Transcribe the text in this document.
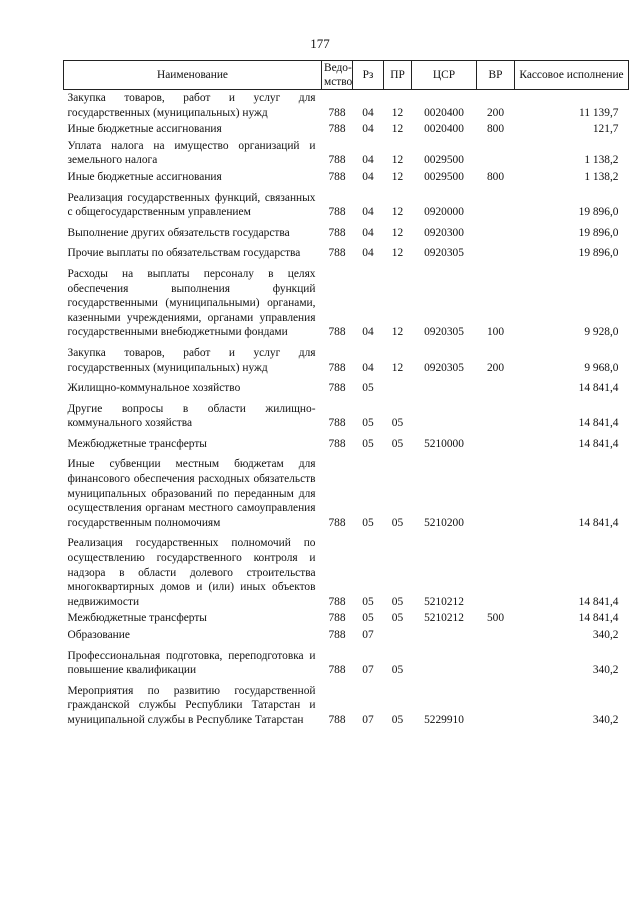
177
Наименование	Ведо-мство	Рз	ПР	ЦСР	ВР	Кассовое исполнение
Закупка товаров, работ и услуг для государственных (муниципальных) нужд	788	04	12	0020400	200	11 139,7
Иные бюджетные ассигнования	788	04	12	0020400	800	121,7
Уплата налога на имущество организаций и земельного налога	788	04	12	0029500		1 138,2
Иные бюджетные ассигнования	788	04	12	0029500	800	1 138,2
Реализация государственных функций, связанных с общегосударственным управлением	788	04	12	0920000		19 896,0
Выполнение других обязательств государства	788	04	12	0920300		19 896,0
Прочие выплаты по обязательствам государства	788	04	12	0920305		19 896,0
Расходы на выплаты персоналу в целях обеспечения выполнения функций государственными (муниципальными) органами, казенными учреждениями, органами управления государственными внебюджетными фондами	788	04	12	0920305	100	9 928,0
Закупка товаров, работ и услуг для государственных (муниципальных) нужд	788	04	12	0920305	200	9 968,0
Жилищно-коммунальное хозяйство	788	05				14 841,4
Другие вопросы в области жилищно-коммунального хозяйства	788	05	05			14 841,4
Межбюджетные трансферты	788	05	05	5210000		14 841,4
Иные субвенции местным бюджетам для финансового обеспечения расходных обязательств муниципальных образований по переданным для осуществления органам местного самоуправления государственным полномочиям	788	05	05	5210200		14 841,4
Реализация государственных полномочий по осуществлению государственного контроля и надзора в области долевого строительства многоквартирных домов и (или) иных объектов недвижимости	788	05	05	5210212		14 841,4
Межбюджетные трансферты	788	05	05	5210212	500	14 841,4
Образование	788	07				340,2
Профессиональная подготовка, переподготовка и повышение квалификации	788	07	05			340,2
Мероприятия по развитию государственной гражданской службы Республики Татарстан и муниципальной службы в Республике Татарстан	788	07	05	5229910		340,2
